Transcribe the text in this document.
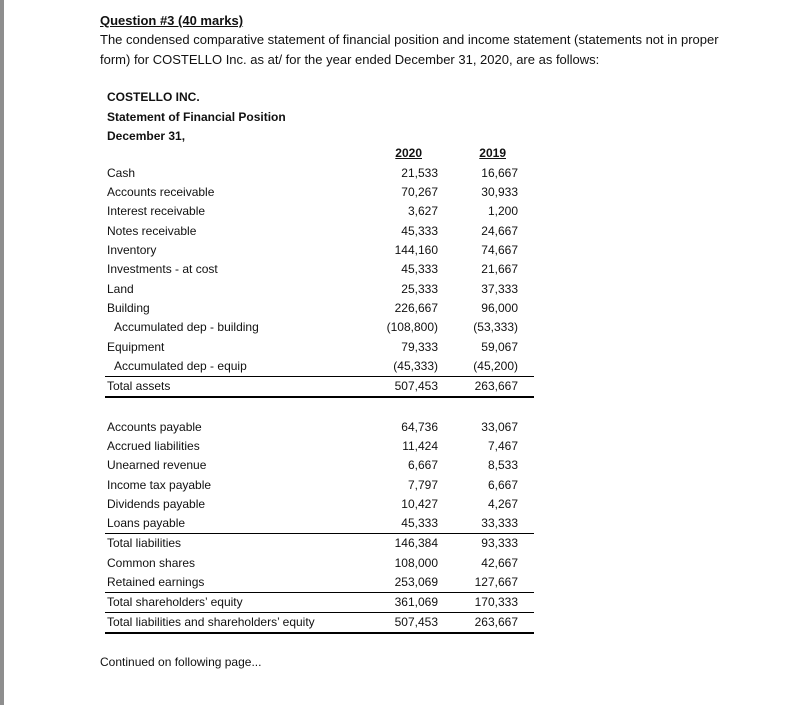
Question #3 (40 marks)
The condensed comparative statement of financial position and income statement (statements not in proper form) for COSTELLO Inc. as at/ for the year ended December 31, 2020, are as follows:
COSTELLO INC.
Statement of Financial Position
December 31,
2020	2019
Cash	21,533	16,667
Accounts receivable	70,267	30,933
Interest receivable	3,627	1,200
Notes receivable	45,333	24,667
Inventory	144,160	74,667
Investments - at cost	45,333	21,667
Land	25,333	37,333
Building	226,667	96,000
Accumulated dep - building	(108,800)	(53,333)
Equipment	79,333	59,067
Accumulated dep - equip	(45,333)	(45,200)
Total assets	507,453	263,667
Accounts payable	64,736	33,067
Accrued liabilities	11,424	7,467
Unearned revenue	6,667	8,533
Income tax payable	7,797	6,667
Dividends payable	10,427	4,267
Loans payable	45,333	33,333
Total liabilities	146,384	93,333
Common shares	108,000	42,667
Retained earnings	253,069	127,667
Total shareholders’ equity	361,069	170,333
Total liabilities and shareholders’ equity	507,453	263,667
Continued on following page...
